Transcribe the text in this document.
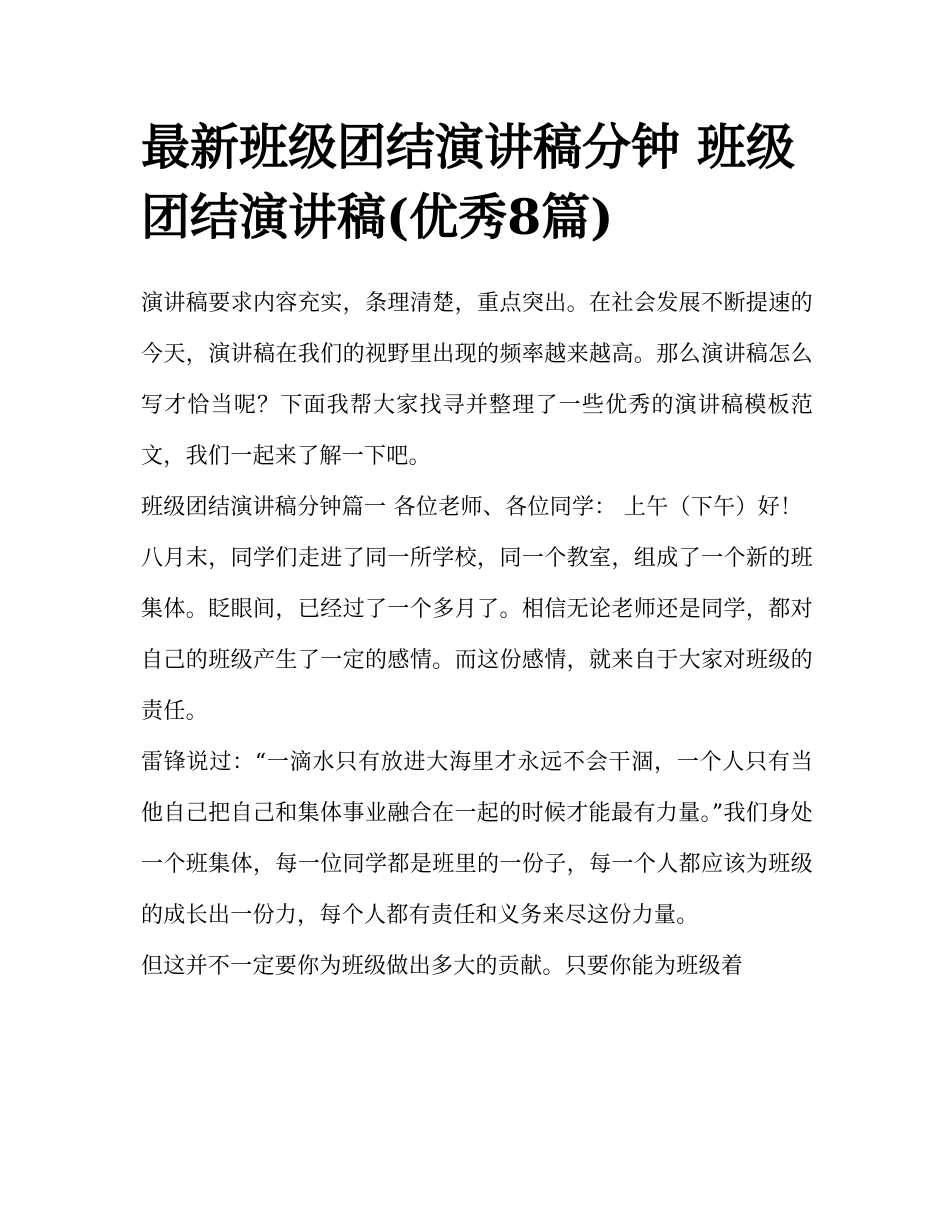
最新班级团结演讲稿分钟 班级团结演讲稿(优秀8篇)

演讲稿要求内容充实，条理清楚，重点突出。在社会发展不断提速的今天，演讲稿在我们的视野里出现的频率越来越高。那么演讲稿怎么写才恰当呢？下面我帮大家找寻并整理了一些优秀的演讲稿模板范文，我们一起来了解一下吧。

班级团结演讲稿分钟篇一 各位老师、各位同学： 上午（下午）好！

八月末，同学们走进了同一所学校，同一个教室，组成了一个新的班集体。眨眼间，已经过了一个多月了。相信无论老师还是同学，都对自己的班级产生了一定的感情。而这份感情，就来自于大家对班级的责任。

雷锋说过：“一滴水只有放进大海里才永远不会干涸，一个人只有当他自己把自己和集体事业融合在一起的时候才能最有力量。”我们身处一个班集体，每一位同学都是班里的一份子，每一个人都应该为班级的成长出一份力，每个人都有责任和义务来尽这份力量。

但这并不一定要你为班级做出多大的贡献。只要你能为班级着
